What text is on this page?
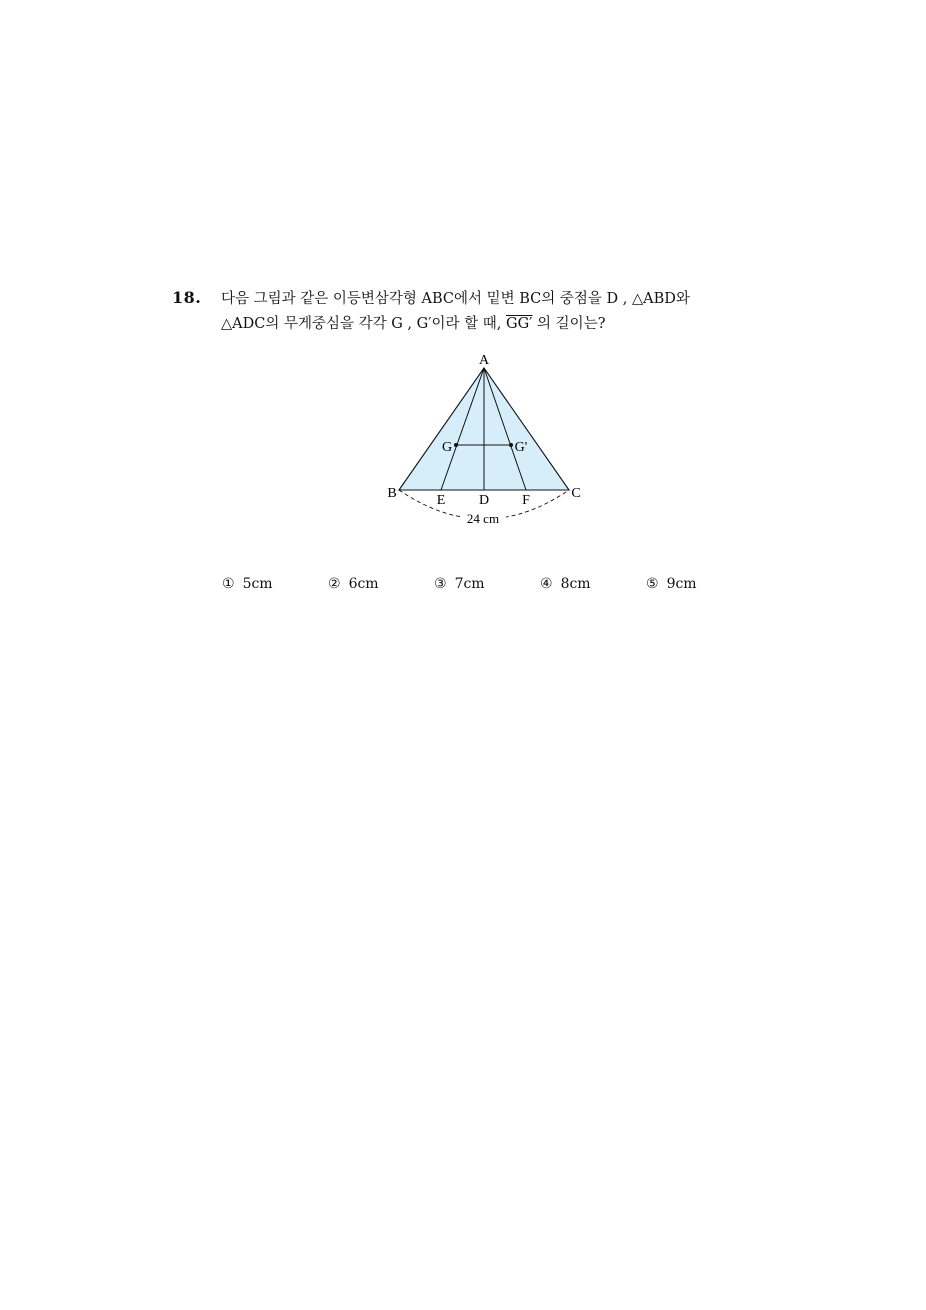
18. 다음 그림과 같은 이등변삼각형 ABC에서 밑변 BC의 중점을 D , △ABD와
△ADC의 무게중심을 각각 G , G′이라 할 때, GG′ 의 길이는?
A
B	C
E D F
G	G'
24 cm
① 5cm	② 6cm	③ 7cm	④ 8cm	⑤ 9cm
